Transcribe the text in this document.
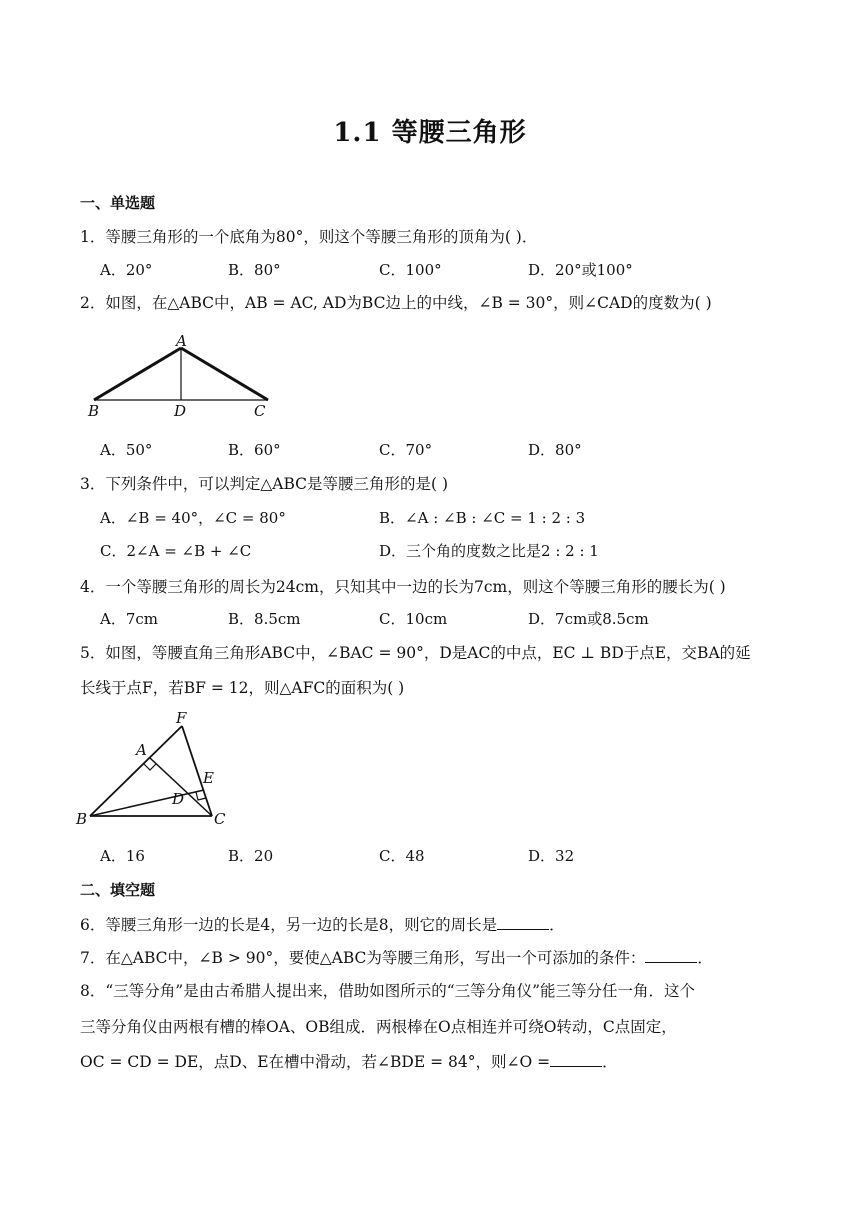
1.1 等腰三角形
一、单选题
1．等腰三角形的一个底角为80°，则这个等腰三角形的顶角为( )．
A．20°	B．80°	C．100°	D．20°或100°
2．如图，在△ABC中，AB = AC, AD为BC边上的中线，∠B = 30°，则∠CAD的度数为( )
A
B	D	C
A．50°	B．60°	C．70°	D．80°
3．下列条件中，可以判定△ABC是等腰三角形的是( )
A．∠B = 40°，∠C = 80°	B．∠A : ∠B : ∠C = 1 : 2 : 3
C．2∠A = ∠B + ∠C	D．三个角的度数之比是2 : 2 : 1
4．一个等腰三角形的周长为24cm，只知其中一边的长为7cm，则这个等腰三角形的腰长为( )
A．7cm	B．8.5cm	C．10cm	D．7cm或8.5cm
5．如图，等腰直角三角形ABC中，∠BAC = 90°，D是AC的中点，EC ⊥ BD于点E，交BA的延
长线于点F，若BF = 12，则△AFC的面积为( )
F
A
E
D
B	C
A．16	B．20	C．48	D．32
二、填空题
6．等腰三角形一边的长是4，另一边的长是8，则它的周长是	．
7．在△ABC中，∠B > 90°，要使△ABC为等腰三角形，写出一个可添加的条件：	．
8．“三等分角”是由古希腊人提出来，借助如图所示的“三等分角仪”能三等分任一角．这个
三等分角仪由两根有槽的棒OA、OB组成．两根棒在O点相连并可绕O转动，C点固定，
OC = CD = DE，点D、E在槽中滑动，若∠BDE = 84°，则∠O =	．
